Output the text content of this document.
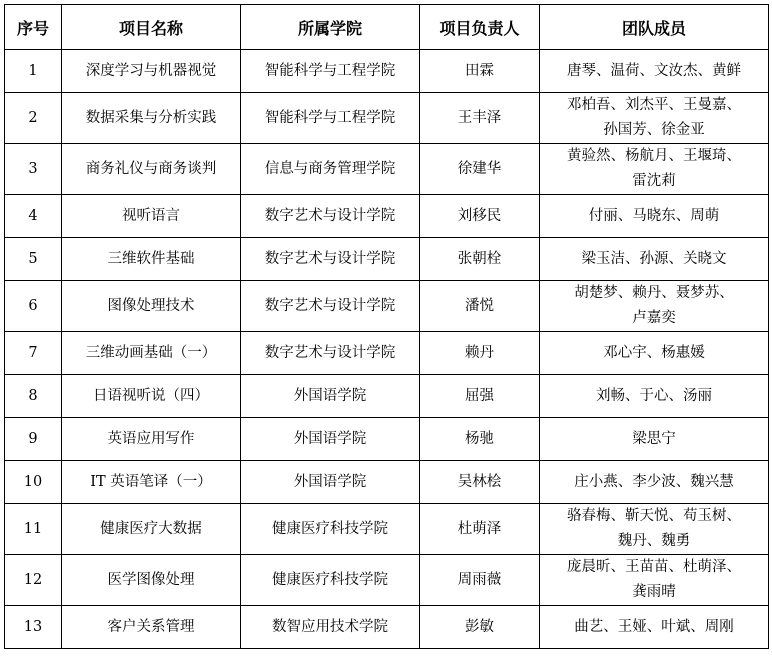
序号	项目名称	所属学院	项目负责人	团队成员
1	深度学习与机器视觉	智能科学与工程学院	田霖	唐琴、温荷、文汝杰、黄鲜

2	数据采集与分析实践	智能科学与工程学院	王丰泽	邓柏吾、刘杰平、王曼嘉、
孙国芳、徐金亚

3	商务礼仪与商务谈判	信息与商务管理学院	徐建华	黄验然、杨航月、王堰琦、
雷沈莉

4	视听语言	数字艺术与设计学院	刘移民	付丽、马晓东、周萌

5	三维软件基础	数字艺术与设计学院	张朝栓	梁玉洁、孙源、关晓文

6	图像处理技术	数字艺术与设计学院	潘悦	胡楚梦、赖丹、聂梦苏、
卢嘉奕

7	三维动画基础（一）	数字艺术与设计学院	赖丹	邓心宇、杨惠媛

8	日语视听说（四）	外国语学院	屈强	刘畅、于心、汤丽

9	英语应用写作	外国语学院	杨驰	梁思宁

10	IT 英语笔译（一）	外国语学院	吴林桧	庄小燕、李少波、魏兴慧

11	健康医疗大数据	健康医疗科技学院	杜萌泽	骆春梅、靳天悦、苟玉树、
魏丹、魏勇

12	医学图像处理	健康医疗科技学院	周雨薇	庞晨昕、王苗苗、杜萌泽、
龚雨晴

13	客户关系管理	数智应用技术学院	彭敏	曲艺、王娅、叶斌、周刚
